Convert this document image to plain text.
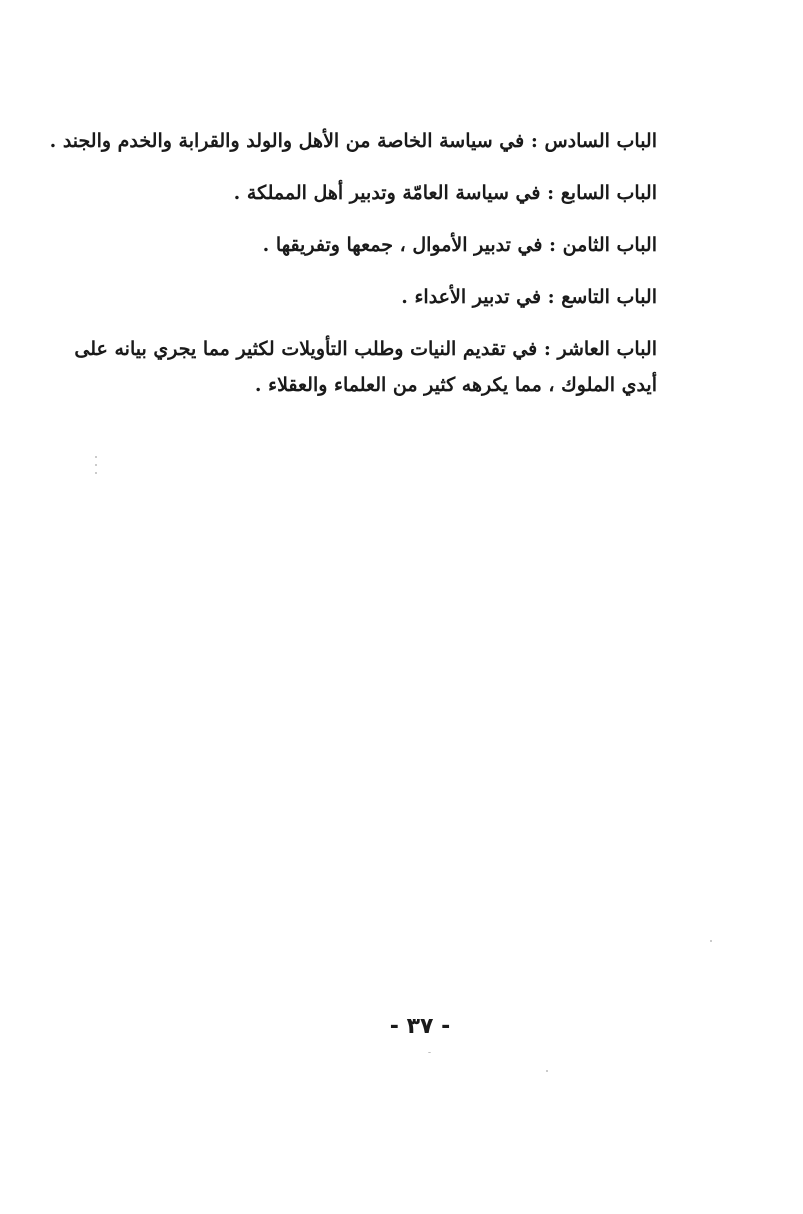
الباب السادس : في سياسة الخاصة من الأهل والولد والقرابة والخدم والجند .
الباب السابع : في سياسة العامّة وتدبير أهل المملكة .
الباب الثامن : في تدبير الأموال ، جمعها وتفريقها .
الباب التاسع : في تدبير الأعداء .
الباب العاشر : في تقديم النيات وطلب التأويلات لكثير مما يجري بيانه على
أيدي الملوك ، مما يكرهه كثير من العلماء والعقلاء .
- ٣٧ -
